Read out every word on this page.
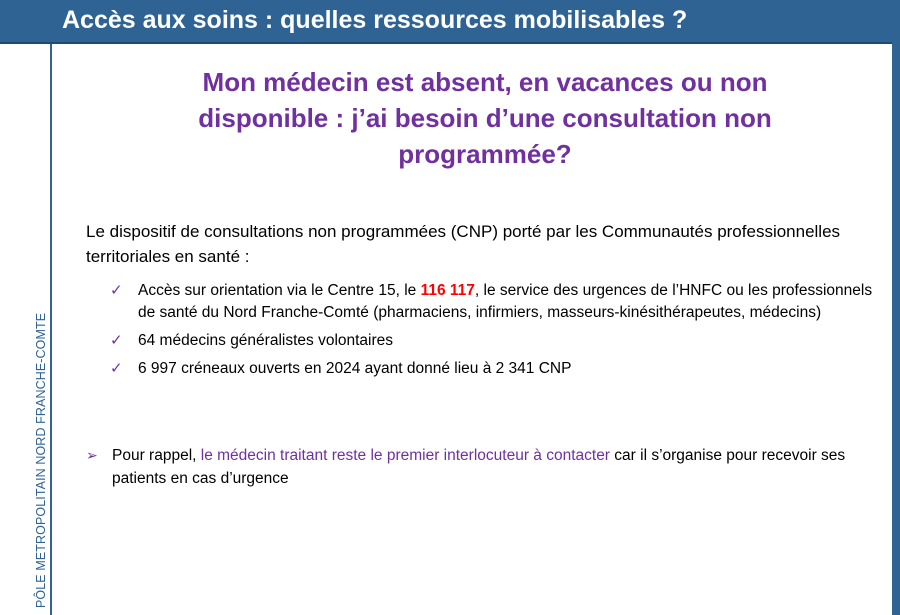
Accès aux soins : quelles ressources mobilisables ?
PÔLE METROPOLITAIN NORD FRANCHE-COMTE
Mon médecin est absent, en vacances ou non disponible : j’ai besoin d’une consultation non programmée?
Le dispositif de consultations non programmées (CNP) porté par les Communautés professionnelles territoriales en santé :
✓ Accès sur orientation via le Centre 15, le 116 117, le service des urgences de l’HNFC ou les professionnels de santé du Nord Franche-Comté (pharmaciens, infirmiers, masseurs-kinésithérapeutes, médecins)
✓ 64 médecins généralistes volontaires
✓ 6 997 créneaux ouverts en 2024 ayant donné lieu à 2 341 CNP
➢ Pour rappel, le médecin traitant reste le premier interlocuteur à contacter car il s’organise pour recevoir ses patients en cas d’urgence
